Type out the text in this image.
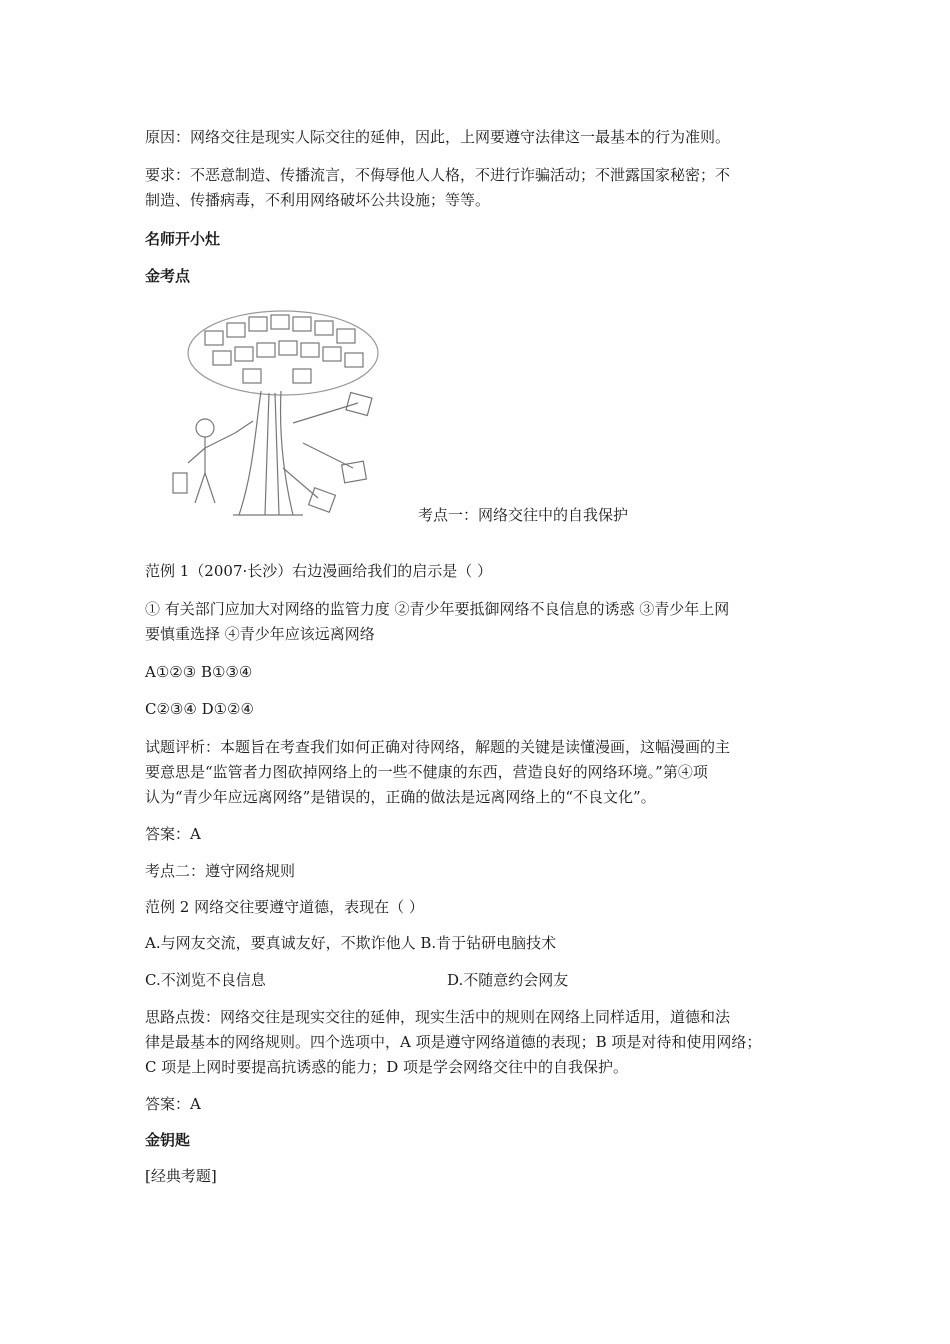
原因：网络交往是现实人际交往的延伸，因此，上网要遵守法律这一最基本的行为准则。
要求：不恶意制造、传播流言，不侮辱他人人格，不进行诈骗活动；不泄露国家秘密；不
制造、传播病毒，不利用网络破坏公共设施；等等。
名师开小灶
金考点
考点一：网络交往中的自我保护
范例 1（2007·长沙）右边漫画给我们的启示是（ ）
① 有关部门应加大对网络的监管力度 ②青少年要抵御网络不良信息的诱惑 ③青少年上网
要慎重选择 ④青少年应该远离网络
A①②③ B①③④
C②③④ D①②④
试题评析：本题旨在考查我们如何正确对待网络，解题的关键是读懂漫画，这幅漫画的主
要意思是“监管者力图砍掉网络上的一些不健康的东西，营造良好的网络环境。”第④项
认为“青少年应远离网络”是错误的，正确的做法是远离网络上的“不良文化”。
答案：A
考点二：遵守网络规则
范例 2 网络交往要遵守道德，表现在（ ）
A.与网友交流，要真诚友好，不欺诈他人 B.肯于钻研电脑技术
C.不浏览不良信息	D.不随意约会网友
思路点拨：网络交往是现实交往的延伸，现实生活中的规则在网络上同样适用，道德和法
律是最基本的网络规则。四个选项中，A 项是遵守网络道德的表现；B 项是对待和使用网络；
C 项是上网时要提高抗诱惑的能力；D 项是学会网络交往中的自我保护。
答案：A
金钥匙
[经典考题]
